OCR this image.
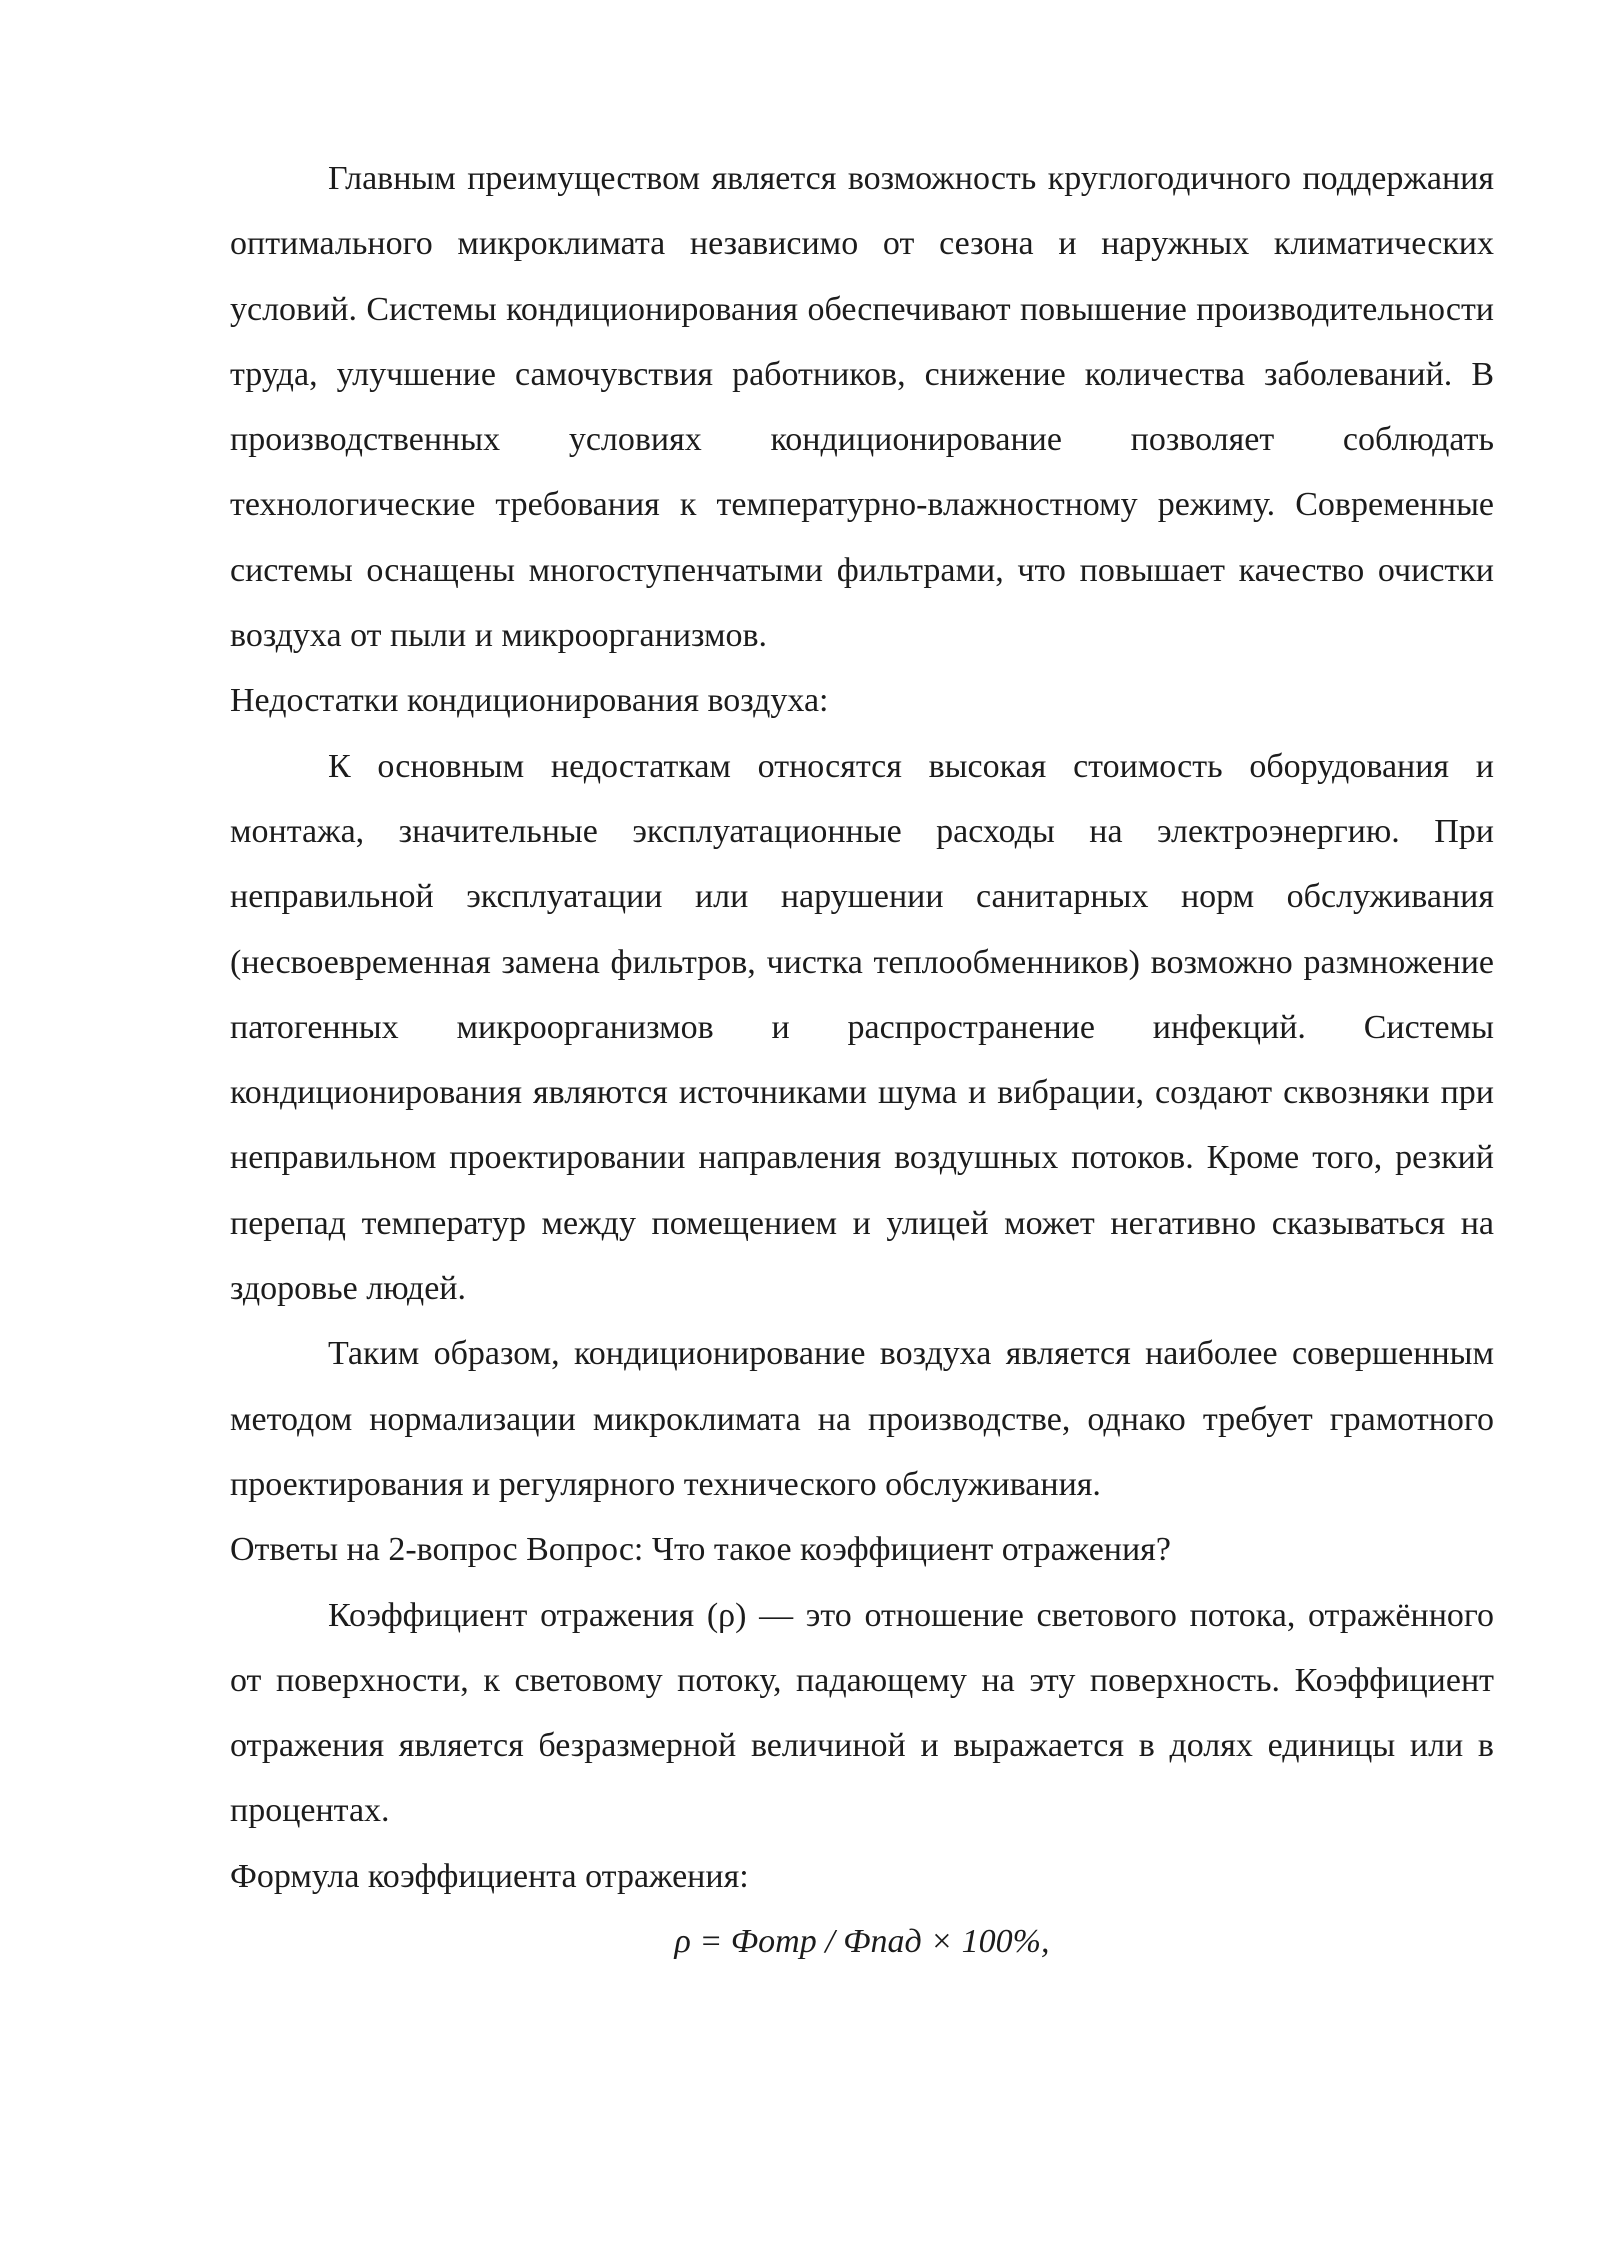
Главным преимуществом является возможность круглогодичного поддержания оптимального микроклимата независимо от сезона и наружных климатических условий. Системы кондиционирования обеспечивают повышение производительности труда, улучшение самочувствия работников, снижение количества заболеваний. В производственных условиях кондиционирование позволяет соблюдать технологические требования к температурно-влажностному режиму. Современные системы оснащены многоступенчатыми фильтрами, что повышает качество очистки воздуха от пыли и микроорганизмов.

Недостатки кондиционирования воздуха:

К основным недостаткам относятся высокая стоимость оборудования и монтажа, значительные эксплуатационные расходы на электроэнергию. При неправильной эксплуатации или нарушении санитарных норм обслуживания (несвоевременная замена фильтров, чистка теплообменников) возможно размножение патогенных микроорганизмов и распространение инфекций. Системы кондиционирования являются источниками шума и вибрации, создают сквозняки при неправильном проектировании направления воздушных потоков. Кроме того, резкий перепад температур между помещением и улицей может негативно сказываться на здоровье людей.

Таким образом, кондиционирование воздуха является наиболее совершенным методом нормализации микроклимата на производстве, однако требует грамотного проектирования и регулярного технического обслуживания.

Ответы на 2-вопрос Вопрос: Что такое коэффициент отражения?

Коэффициент отражения (ρ) — это отношение светового потока, отражённого от поверхности, к световому потоку, падающему на эту поверхность. Коэффициент отражения является безразмерной величиной и выражается в долях единицы или в процентах.

Формула коэффициента отражения:

ρ = Фотр / Фпад × 100%,
